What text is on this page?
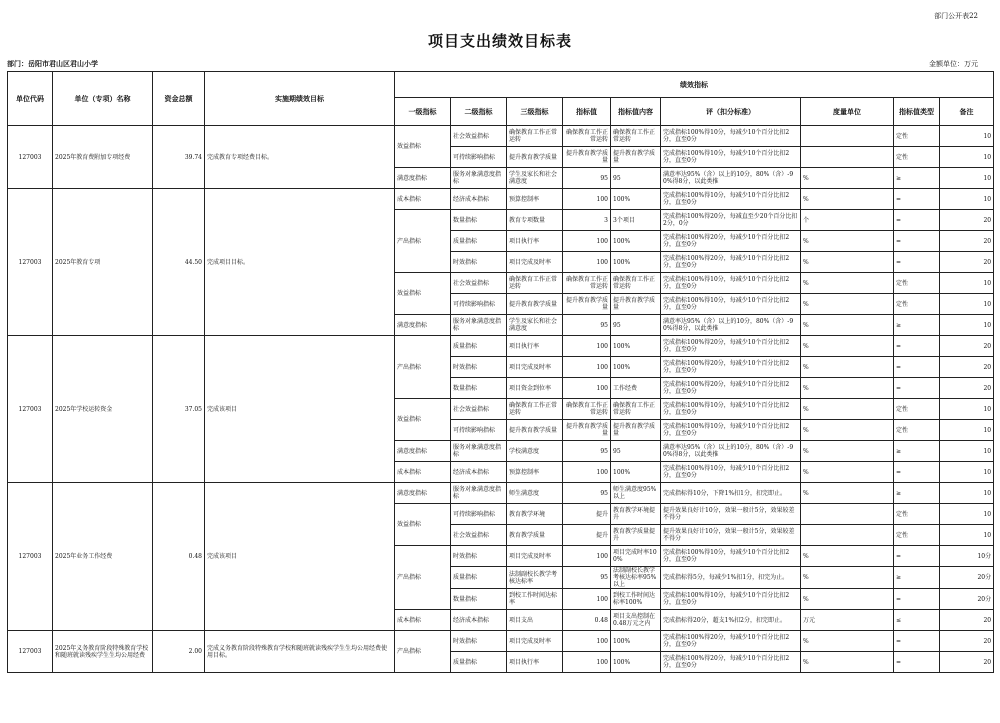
部门公开表22
项目支出绩效目标表
部门：岳阳市君山区君山小学	金额单位：万元
单位代码	单位（专项）名称	资金总额	实施期绩效目标	绩效指标								
				一级指标	二级指标	三级指标	指标值	指标值内容	评（扣分标准）	度量单位	指标值类型	备注
127003	2025年教育费附加专项经费	39.74	完成教育专项经费目标。	效益指标	社会效益指标	确保教育工作正常运转	确保教育工作正常运转	确保教育工作正常运转	完成指标100%得10分，每减少10个百分比扣2分，直至0分		定性	10
					可持续影响指标	提升教育教学质量	提升教育教学质量	提升教育教学质量	完成指标100%得10分，每减少10个百分比扣2分，直至0分		定性	10
				满意度指标	服务对象满意度指标	学生及家长和社会满意度	95	95	满意率达95%（含）以上的10分，80%（含）-90%得8分，以此类推	%	≥	10
127003	2025年教育专项	44.50	完成项目目标。	成本指标	经济成本指标	预算控制率	100	100%	完成指标100%得10分，每减少10个百分比扣2分，直至0分	%	=	10
				产出指标	数量指标	教育专项数量	3	3个项目	完成指标100%得20分，每减直至少20个百分比扣2分，0分	个	=	20
					质量指标	项目执行率	100	100%	完成指标100%得20分，每减少10个百分比扣2分，直至0分	%	=	20
					时效指标	项目完成及时率	100	100%	完成指标100%得20分，每减少10个百分比扣2分，直至0分	%	=	20
				效益指标	社会效益指标	确保教育工作正常运转	确保教育工作正常运转	确保教育工作正常运转	完成指标100%得10分，每减少10个百分比扣2分，直至0分	%	定性	10
					可持续影响指标	提升教育教学质量	提升教育教学质量	提升教育教学质量	完成指标100%得10分，每减少10个百分比扣2分，直至0分	%	定性	10
				满意度指标	服务对象满意度指标	学生及家长和社会满意度	95	95	满意率达95%（含）以上的10分，80%（含）-90%得8分，以此类推	%	≥	10
127003	2025年学校运转资金	37.05	完成该项目	产出指标	质量指标	项目执行率	100	100%	完成指标100%得20分，每减少10个百分比扣2分，直至0分	%	=	20
					时效指标	项目完成及时率	100	100%	完成指标100%得20分，每减少10个百分比扣2分，直至0分	%	=	20
					数量指标	项目资金到位率	100	工作经费	完成指标100%得20分，每减少10个百分比扣2分，直至0分	%	=	20
				效益指标	社会效益指标	确保教育工作正常运转	确保教育工作正常运转	确保教育工作正常运转	完成指标100%得10分，每减少10个百分比扣2分，直至0分	%	定性	10
					可持续影响指标	提升教育教学质量	提升教育教学质量	提升教育教学质量	完成指标100%得10分，每减少10个百分比扣2分，直至0分	%	定性	10
				满意度指标	服务对象满意度指标	学校满意度	95	95	满意率达95%（含）以上的10分，80%（含）-90%得8分，以此类推	%	≥	10
				成本指标	经济成本指标	预算控制率	100	100%	完成指标100%得10分，每减少10个百分比扣2分，直至0分	%	=	10
127003	2025年业务工作经费	0.48	完成该项目	满意度指标	服务对象满意度指标	师生满意度	95	师生满意度95%以上	完成指标得10分，下降1%扣1分，扣完即止。	%	≥	10
				效益指标	可持续影响指标	教育教学环境	提升	教育教学环境提升	提升效果良好计10分，效果一般计5分，效果较差不得分		定性	10
					社会效益指标	教育教学质量	提升	教育教学质量提升	提升效果良好计10分，效果一般计5分，效果较差不得分		定性	10
				产出指标	时效指标	项目完成及时率	100	项目完成时率100%	完成指标100%得10分，每减少10个百分比扣2分，直至0分	%	=	10分
					质量指标	法制副校长教学考核达标率	95	法制副校长教学考核达标率95%以上	完成指标得5分，每减少1%扣1分，扣完为止。	%	≥	20分
					数量指标	到校工作时间达标率	100	到校工作时间达标率100%	完成指标100%得10分，每减少10个百分比扣2分，直至0分	%	=	20分
				成本指标	经济成本指标	项目支出	0.48	项目支出控制在0.48万元之内	完成指标得20分，超支1%扣2分，扣完即止。	万元	≤	20
127003	2025年义务教育阶段特殊教育学校和随班就读残疾学生生均公用经费	2.00	完成义务教育阶段特殊教育学校和随班就读残疾学生生均公用经费使用目标。	产出指标	时效指标	项目完成及时率	100	100%	完成指标100%得20分，每减少10个百分比扣2分，直至0分	%	=	20
					质量指标	项目执行率	100	100%	完成指标100%得20分，每减少10个百分比扣2分，直至0分	%	=	20
